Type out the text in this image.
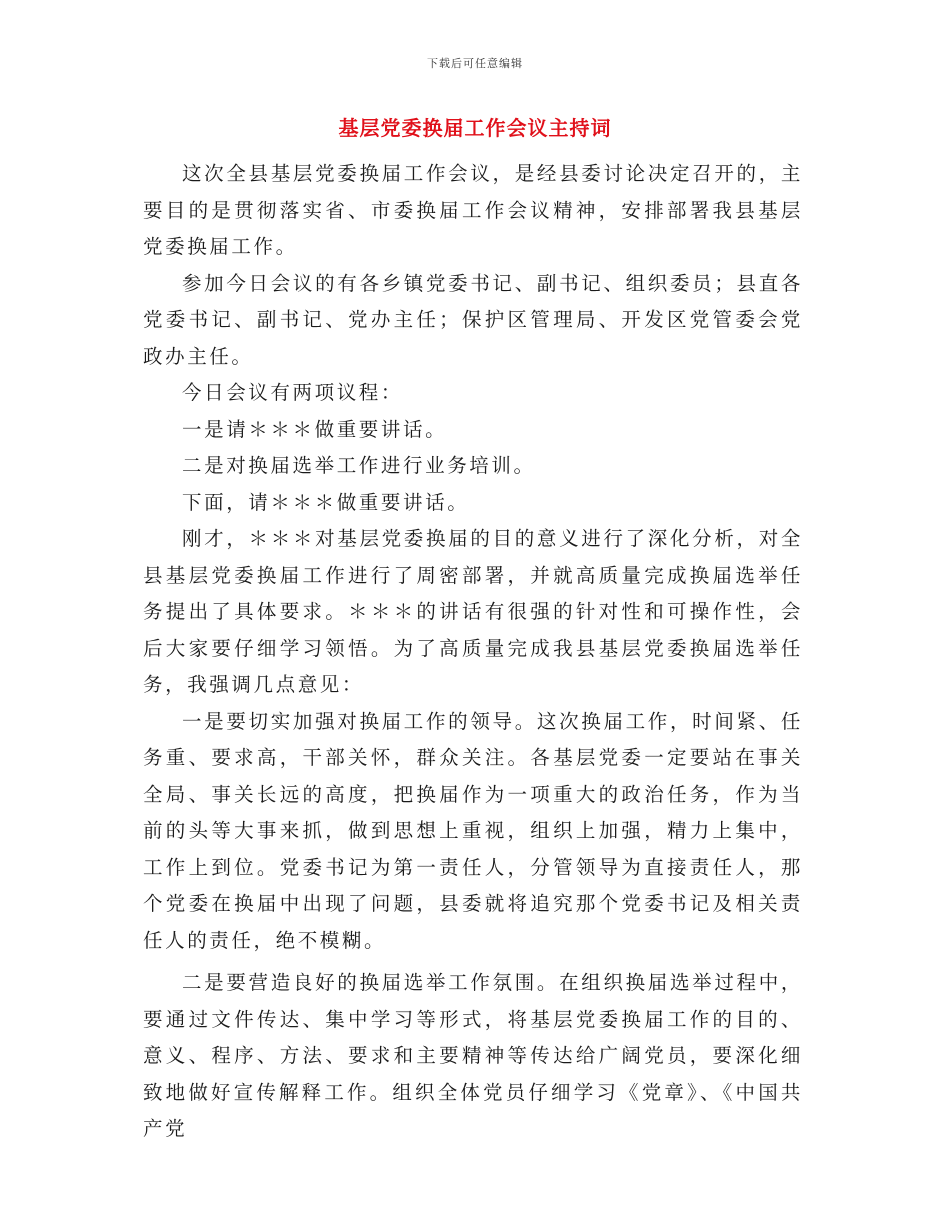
下载后可任意编辑
基层党委换届工作会议主持词

这次全县基层党委换届工作会议，是经县委讨论决定召开的，主要目的是贯彻落实省、市委换届工作会议精神，安排部署我县基层党委换届工作。

参加今日会议的有各乡镇党委书记、副书记、组织委员；县直各党委书记、副书记、党办主任；保护区管理局、开发区党管委会党政办主任。

今日会议有两项议程：

一是请＊＊＊做重要讲话。

二是对换届选举工作进行业务培训。

下面，请＊＊＊做重要讲话。

刚才，＊＊＊对基层党委换届的目的意义进行了深化分析，对全县基层党委换届工作进行了周密部署，并就高质量完成换届选举任务提出了具体要求。＊＊＊的讲话有很强的针对性和可操作性，会后大家要仔细学习领悟。为了高质量完成我县基层党委换届选举任务，我强调几点意见：

一是要切实加强对换届工作的领导。这次换届工作，时间紧、任务重、要求高，干部关怀，群众关注。各基层党委一定要站在事关全局、事关长远的高度，把换届作为一项重大的政治任务，作为当前的头等大事来抓，做到思想上重视，组织上加强，精力上集中，工作上到位。党委书记为第一责任人，分管领导为直接责任人，那个党委在换届中出现了问题，县委就将追究那个党委书记及相关责任人的责任，绝不模糊。

二是要营造良好的换届选举工作氛围。在组织换届选举过程中，要通过文件传达、集中学习等形式，将基层党委换届工作的目的、意义、程序、方法、要求和主要精神等传达给广阔党员，要深化细致地做好宣传解释工作。组织全体党员仔细学习《党章》、《中国共产党
